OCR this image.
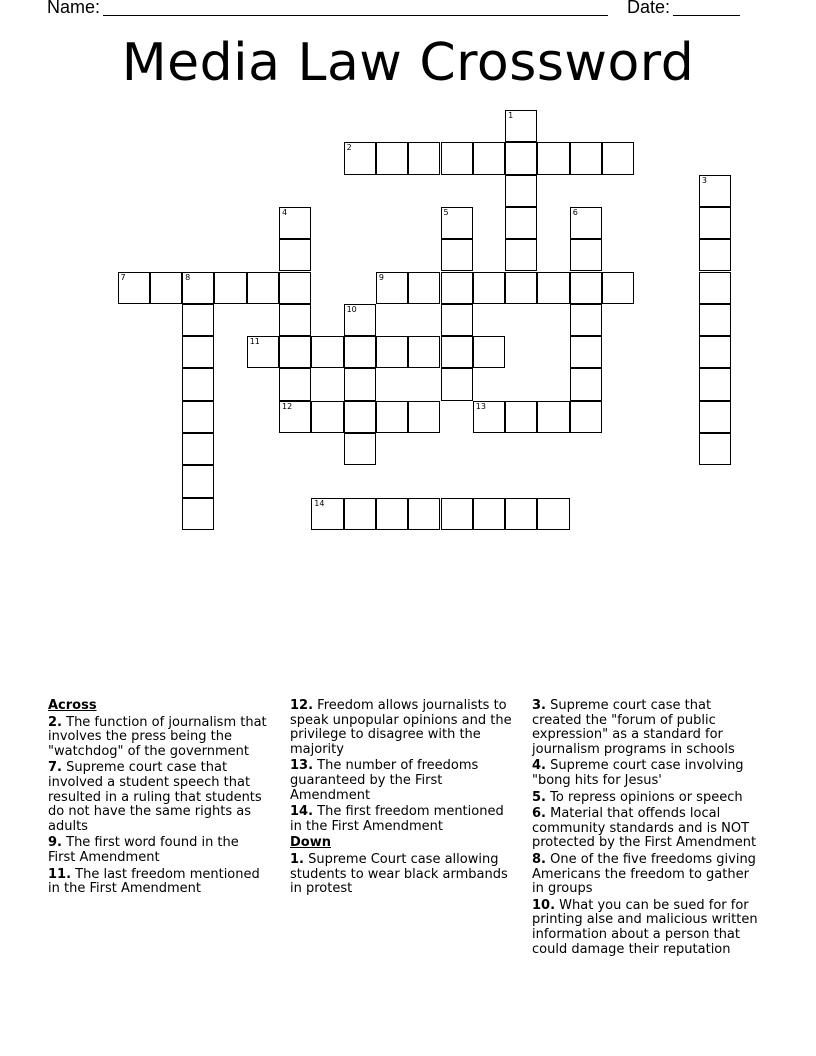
Name:	Date:
Media Law Crossword
1
2
3
4
12
5	6
7	8	9
10
11
13
14
Across
2. The function of journalism that involves the press being the "watchdog" of the government
7. Supreme court case that involved a student speech that resulted in a ruling that students do not have the same rights as adults
9. The first word found in the First Amendment
11. The last freedom mentioned in the First Amendment
12. Freedom allows journalists to speak unpopular opinions and the privilege to disagree with the majority
13. The number of freedoms guaranteed by the First Amendment
14. The first freedom mentioned in the First Amendment
Down
1. Supreme Court case allowing students to wear black armbands in protest
3. Supreme court case that created the "forum of public expression" as a standard for journalism programs in schools
4. Supreme court case involving "bong hits for Jesus'
5. To repress opinions or speech
6. Material that offends local community standards and is NOT protected by the First Amendment
8. One of the five freedoms giving Americans the freedom to gather in groups
10. What you can be sued for for printing alse and malicious written information about a person that could damage their reputation
